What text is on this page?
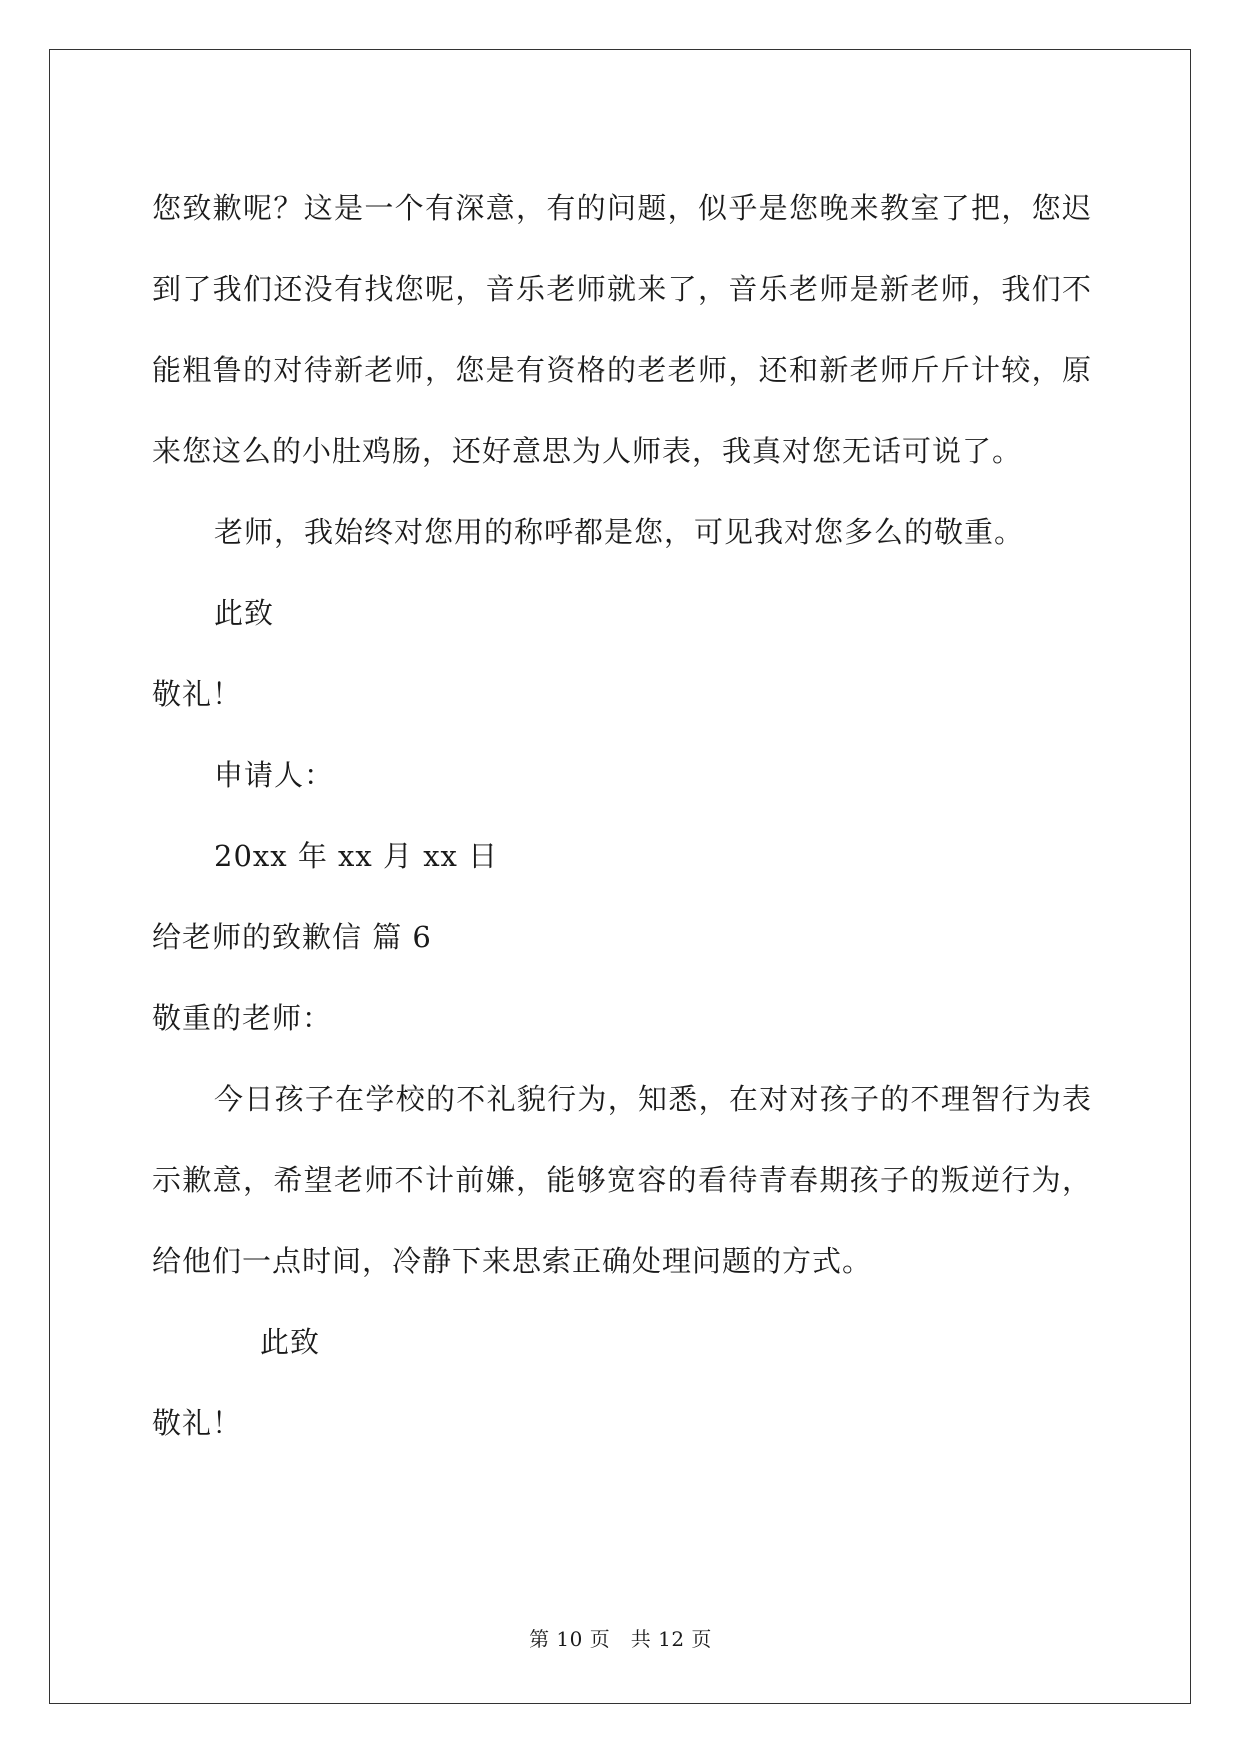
您致歉呢？这是一个有深意，有的问题，似乎是您晚来教室了把，您迟到了我们还没有找您呢，音乐老师就来了，音乐老师是新老师，我们不能粗鲁的对待新老师，您是有资格的老老师，还和新老师斤斤计较，原来您这么的小肚鸡肠，还好意思为人师表，我真对您无话可说了。

老师，我始终对您用的称呼都是您，可见我对您多么的敬重。

此致

敬礼！

申请人：

20xx 年 xx 月 xx 日

给老师的致歉信 篇 6

敬重的老师：

今日孩子在学校的不礼貌行为，知悉，在对对孩子的不理智行为表示歉意，希望老师不计前嫌，能够宽容的看待青春期孩子的叛逆行为，给他们一点时间，冷静下来思索正确处理问题的方式。

此致

敬礼！

第 10 页　共 12 页
